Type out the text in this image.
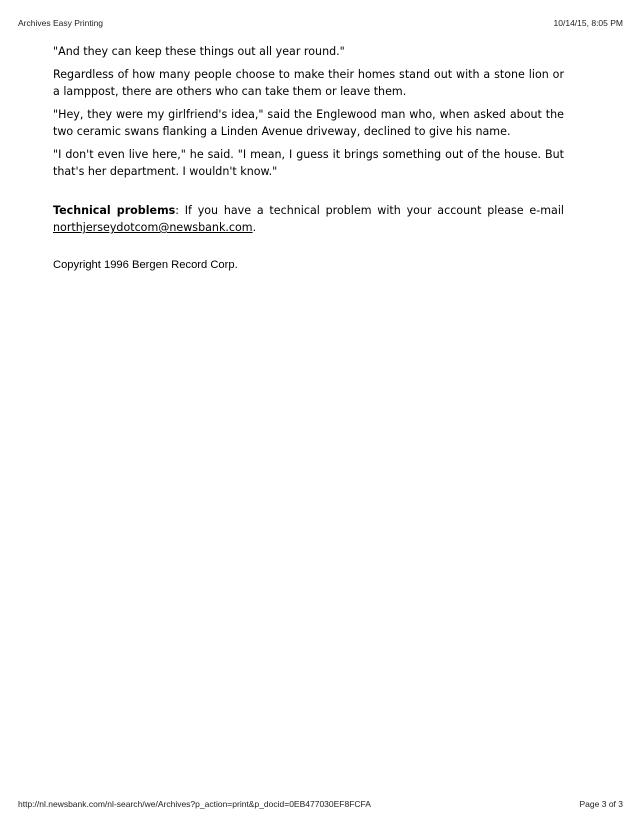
Archives Easy Printing	10/14/15, 8:05 PM

"And they can keep these things out all year round."

Regardless of how many people choose to make their homes stand out with a stone lion or a lamppost, there are others who can take them or leave them.

"Hey, they were my girlfriend's idea," said the Englewood man who, when asked about the two ceramic swans flanking a Linden Avenue driveway, declined to give his name.

"I don't even live here," he said. "I mean, I guess it brings something out of the house. But that's her department. I wouldn't know."

Technical problems: If you have a technical problem with your account please e-mail northjerseydotcom@newsbank.com.

Copyright 1996 Bergen Record Corp.
http://nl.newsbank.com/nl-search/we/Archives?p_action=print&p_docid=0EB477030EF8FCFA	Page 3 of 3
